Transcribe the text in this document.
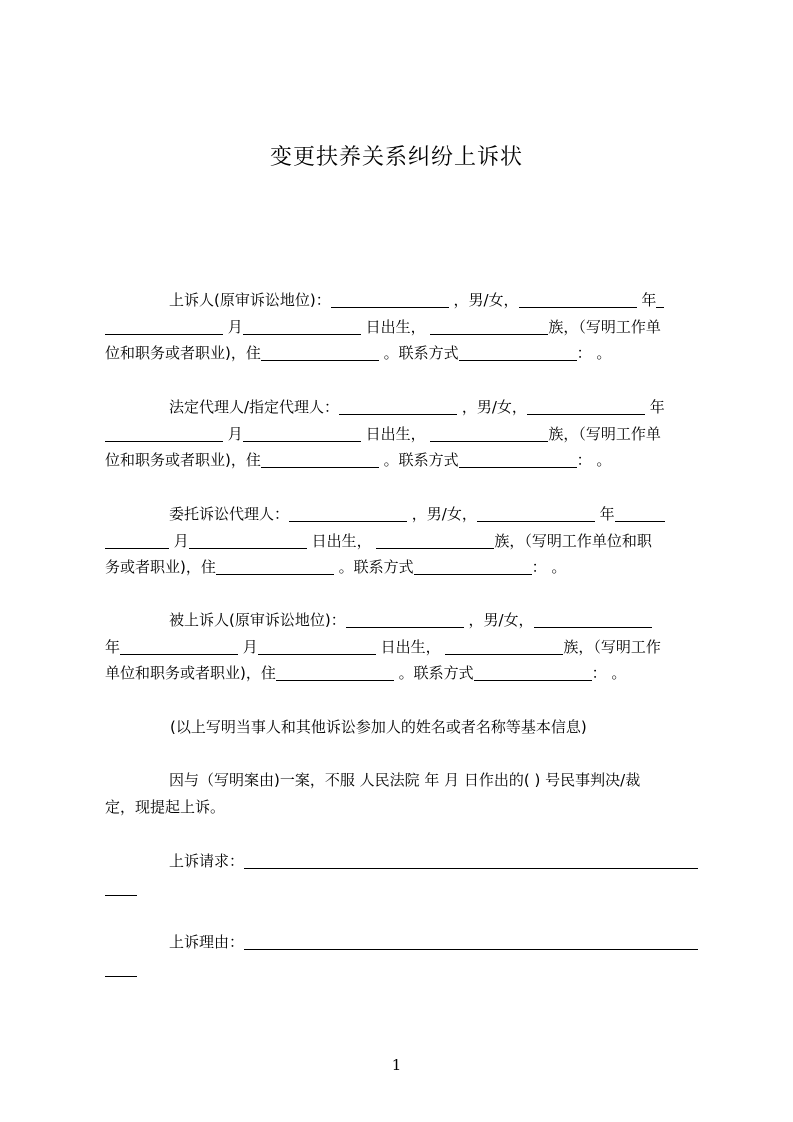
变更扶养关系纠纷上诉状
上诉人(原审诉讼地位)：	，男/女，	年
月	日出生，	族，（写明工作单
位和职务或者职业)，住	。联系方式	： 。
法定代理人/指定代理人：	，男/女，	年
月	日出生，	族，（写明工作单
位和职务或者职业)，住	。联系方式	： 。
委托诉讼代理人：	，男/女，	年
月	日出生，	族，（写明工作单位和职
务或者职业)，住	。联系方式	： 。
被上诉人(原审诉讼地位)：	，男/女，
年	月	日出生，	族，（写明工作
单位和职务或者职业)，住	。联系方式	： 。
(以上写明当事人和其他诉讼参加人的姓名或者名称等基本信息)
因与（写明案由)一案，不服 人民法院 年 月 日作出的( ) 号民事判决/裁
定，现提起上诉。
上诉请求：
上诉理由：
1
